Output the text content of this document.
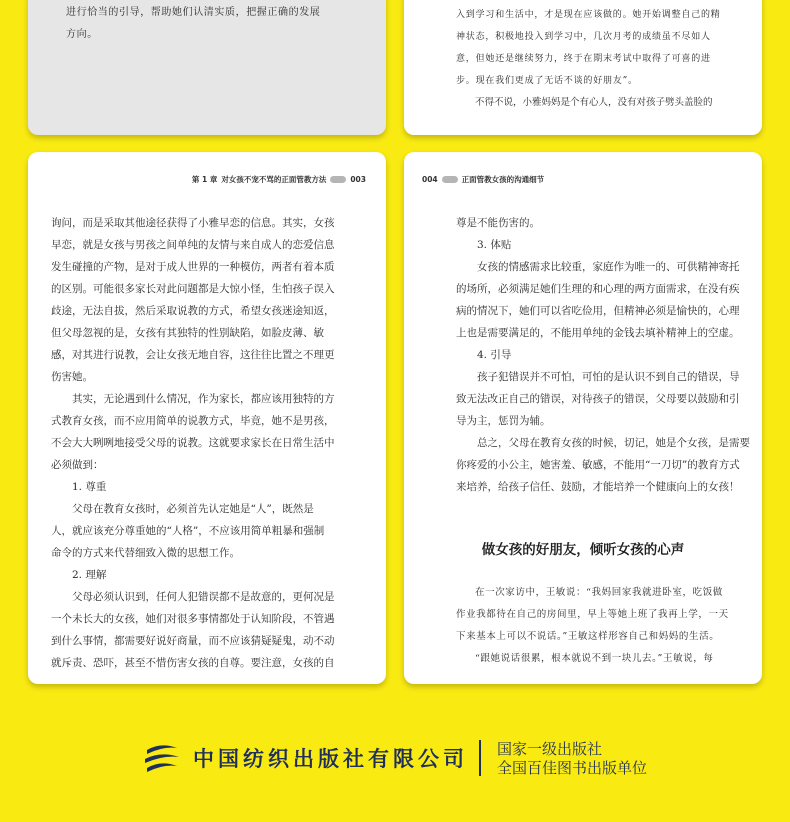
进行恰当的引导，帮助她们认清实质，把握正确的发展

方向。

入到学习和生活中，才是现在应该做的。她开始调整自己的精

神状态，积极地投入到学习中，几次月考的成绩虽不尽如人

意，但她还是继续努力，终于在期末考试中取得了可喜的进

步。现在我们更成了无话不谈的好朋友”。

不得不说，小雅妈妈是个有心人，没有对孩子劈头盖脸的

第 1 章 对女孩不宠不骂的正面管教方法	003

询问，而是采取其他途径获得了小雅早恋的信息。其实，女孩

早恋，就是女孩与男孩之间单纯的友情与来自成人的恋爱信息

发生碰撞的产物，是对于成人世界的一种模仿，两者有着本质

的区别。可能很多家长对此问题都是大惊小怪，生怕孩子误入

歧途，无法自拔，然后采取说教的方式，希望女孩迷途知返，

但父母忽视的是，女孩有其独特的性别缺陷，如脸皮薄、敏

感，对其进行说教，会让女孩无地自容，这往往比置之不理更

伤害她。

其实，无论遇到什么情况，作为家长，都应该用独特的方

式教育女孩，而不应用简单的说教方式，毕竟，她不是男孩，

不会大大咧咧地接受父母的说教。这就要求家长在日常生活中

必须做到：

1. 尊重

父母在教育女孩时，必须首先认定她是“人”，既然是

人，就应该充分尊重她的“人格”，不应该用简单粗暴和强制

命令的方式来代替细致入微的思想工作。

2. 理解

父母必须认识到，任何人犯错误都不是故意的，更何况是

一个未长大的女孩，她们对很多事情都处于认知阶段，不管遇

到什么事情，都需要好说好商量，而不应该猜疑疑鬼，动不动

就斥责、恐吓，甚至不惜伤害女孩的自尊。要注意，女孩的自

004	正面管教女孩的沟通细节

尊是不能伤害的。

3. 体贴

女孩的情感需求比较重，家庭作为唯一的、可供精神寄托

的场所，必须满足她们生理的和心理的两方面需求，在没有疾

病的情况下，她们可以省吃俭用，但精神必须是愉快的，心理

上也是需要满足的，不能用单纯的金钱去填补精神上的空虚。

4. 引导

孩子犯错误并不可怕，可怕的是认识不到自己的错误，导

致无法改正自己的错误，对待孩子的错误，父母要以鼓励和引

导为主，惩罚为辅。

总之，父母在教育女孩的时候，切记，她是个女孩，是需要

你疼爱的小公主，她害羞、敏感，不能用“一刀切”的教育方式

来培养，给孩子信任、鼓励，才能培养一个健康向上的女孩！

做女孩的好朋友，倾听女孩的心声

在一次家访中，王敏说：“我妈回家我就进卧室，吃饭做

作业我都待在自己的房间里，早上等她上班了我再上学，一天

下来基本上可以不说话。”王敏这样形容自己和妈妈的生活。

“跟她说话很累，根本就说不到一块儿去。”王敏说，每

中国纺织出版社有限公司 国家一级出版社
全国百佳图书出版单位
